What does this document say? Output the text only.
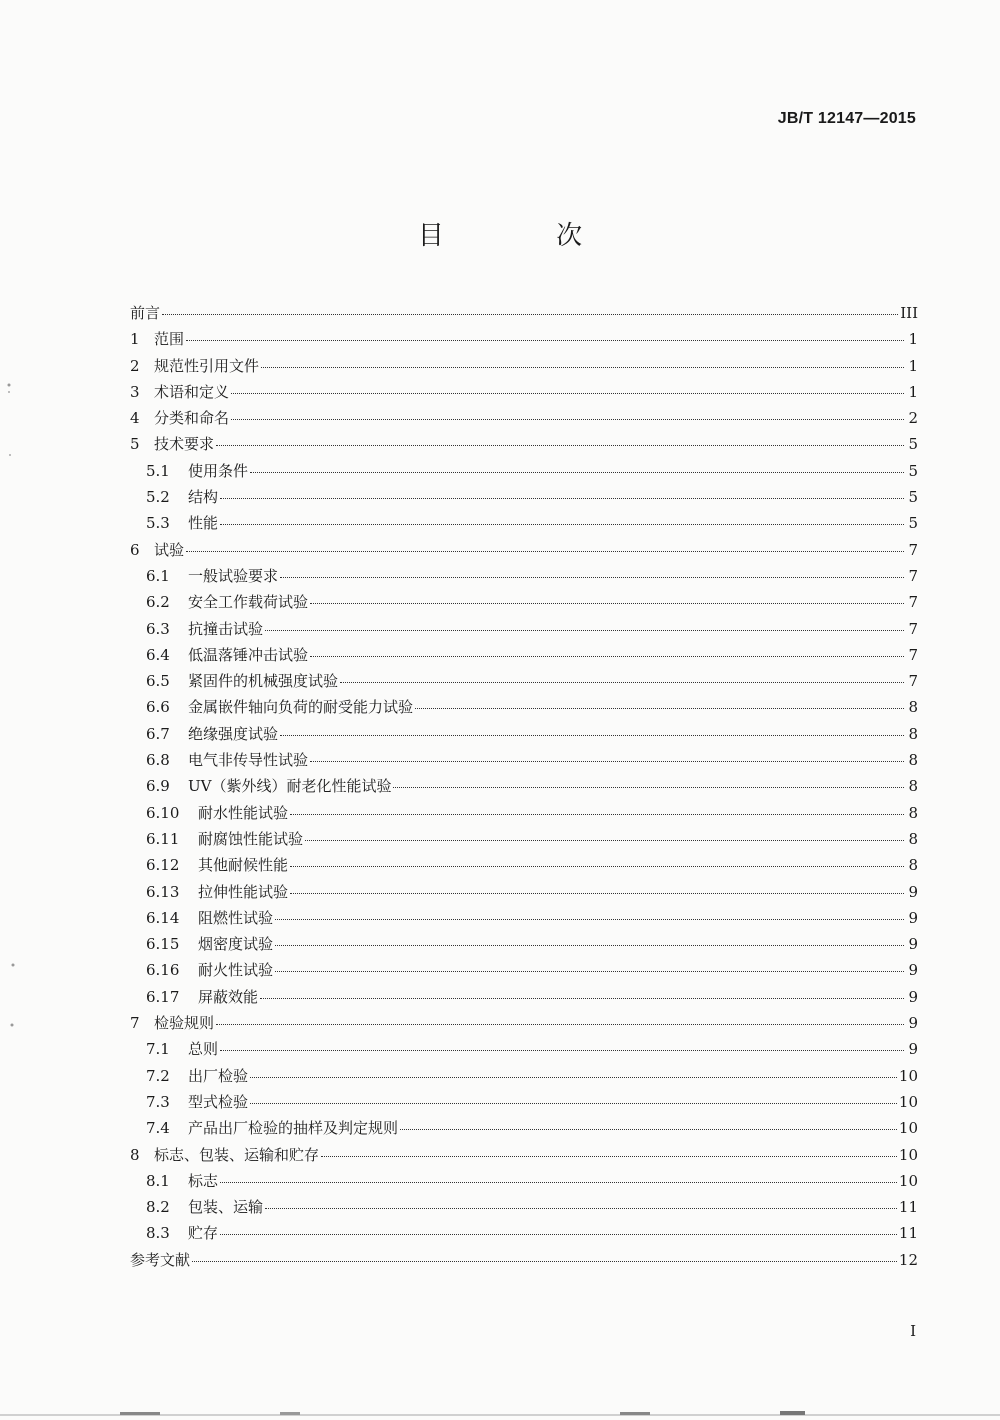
JB/T 12147—2015
目 次
前言	III
1 范围	1
2 规范性引用文件	1
3 术语和定义	1
4 分类和命名	2
5 技术要求	5
5.1	使用条件	5
5.2	结构	5
5.3	性能	5
6 试验	7
6.1	一般试验要求	7
6.2	安全工作载荷试验	7
6.3	抗撞击试验	7
6.4	低温落锤冲击试验	7
6.5	紧固件的机械强度试验	7
6.6	金属嵌件轴向负荷的耐受能力试验	8
6.7	绝缘强度试验	8
6.8	电气非传导性试验	8
6.9	UV（紫外线）耐老化性能试验	8
6.10	耐水性能试验	8
6.11	耐腐蚀性能试验	8
6.12	其他耐候性能	8
6.13	拉伸性能试验	9
6.14	阻燃性试验	9
6.15	烟密度试验	9
6.16	耐火性试验	9
6.17	屏蔽效能	9
7 检验规则	9
7.1	总则	9
7.2	出厂检验	10
7.3	型式检验	10
7.4	产品出厂检验的抽样及判定规则	10
8 标志、包装、运输和贮存	10
8.1	标志	10
8.2	包装、运输	11
8.3	贮存	11
参考文献	12
I
